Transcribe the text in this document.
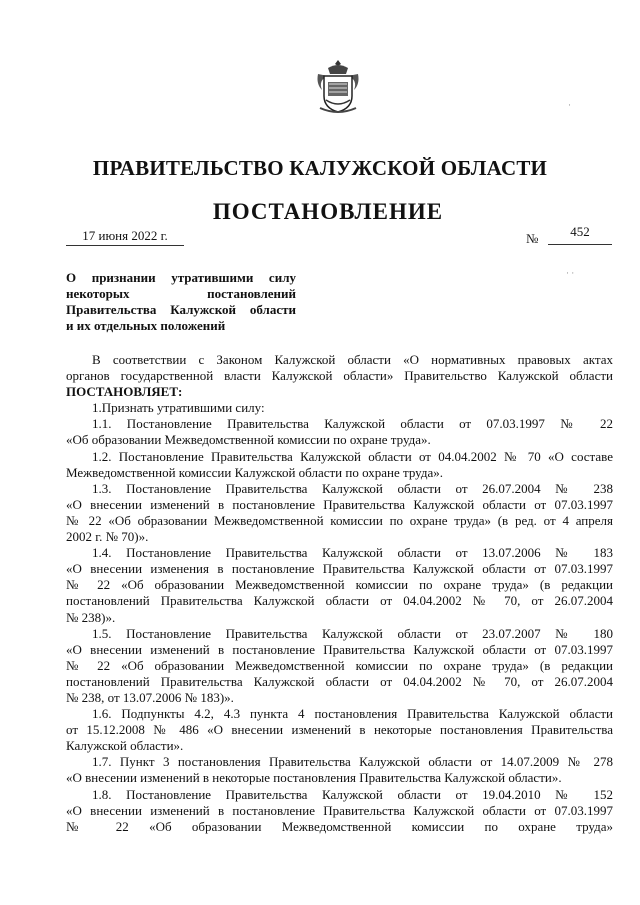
ПРАВИТЕЛЬСТВО КАЛУЖСКОЙ ОБЛАСТИ
ПОСТАНОВЛЕНИЕ
17 июня 2022 г.	№	452
О признании утратившими силу
некоторых постановлений
Правительства Калужской области
и их отдельных положений
В соответствии с Законом Калужской области «О нормативных правовых актах
органов государственной власти Калужской области» Правительство Калужской области
ПОСТАНОВЛЯЕТ:
1.Признать утратившими силу:
1.1. Постановление Правительства Калужской области от 07.03.1997 № 22
«Об образовании Межведомственной комиссии по охране труда».
1.2. Постановление Правительства Калужской области от 04.04.2002 № 70 «О составе
Межведомственной комиссии Калужской области по охране труда».
1.3. Постановление Правительства Калужской области от 26.07.2004 № 238
«О внесении изменений в постановление Правительства Калужской области от 07.03.1997
№ 22 «Об образовании Межведомственной комиссии по охране труда» (в ред. от 4 апреля
2002 г. № 70)».
1.4. Постановление Правительства Калужской области от 13.07.2006 № 183
«О внесении изменения в постановление Правительства Калужской области от 07.03.1997
№ 22 «Об образовании Межведомственной комиссии по охране труда» (в редакции
постановлений Правительства Калужской области от 04.04.2002 № 70, от 26.07.2004
№ 238)».
1.5. Постановление Правительства Калужской области от 23.07.2007 № 180
«О внесении изменений в постановление Правительства Калужской области от 07.03.1997
№ 22 «Об образовании Межведомственной комиссии по охране труда» (в редакции
постановлений Правительства Калужской области от 04.04.2002 № 70, от 26.07.2004
№ 238, от 13.07.2006 № 183)».
1.6. Подпункты 4.2, 4.3 пункта 4 постановления Правительства Калужской области
от 15.12.2008 № 486 «О внесении изменений в некоторые постановления Правительства
Калужской области».
1.7. Пункт 3 постановления Правительства Калужской области от 14.07.2009 № 278
«О внесении изменений в некоторые постановления Правительства Калужской области».
1.8. Постановление Правительства Калужской области от 19.04.2010 № 152
«О внесении изменений в постановление Правительства Калужской области от 07.03.1997
№ 22 «Об образовании Межведомственной комиссии по охране труда»
·
· ·
